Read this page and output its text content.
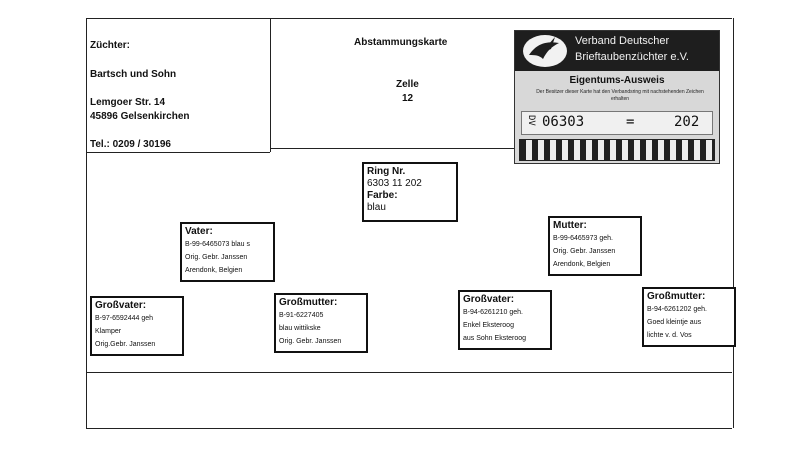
Züchter:
Bartsch und Sohn
Lemgoer Str. 14
45896 Gelsenkirchen
Tel.: 0209 / 30196
Abstammungskarte
Zelle
12
Verband Deutscher
Brieftaubenzüchter e.V.
Eigentums-Ausweis
Der Besitzer dieser Karte hat den Verbandsring mit nachstehenden Zeichen erhalten
DV 06303	=	202
Ring Nr.
6303 11 202
Farbe:
blau
Vater:
B-99-6465073 blau s
Orig. Gebr. Janssen
Arendonk, Belgien
Mutter:
B-99-6465973 geh.
Orig. Gebr. Janssen
Arendonk, Belgien
Großvater:
B-97-6592444 geh
Klamper
Orig.Gebr. Janssen
Großmutter:
B-91-6227405
blau wittikske
Orig. Gebr. Janssen
Großvater:
B-94-6261210 geh.
Enkel Eksteroog
aus Sohn Eksteroog
Großmutter:
B-94-6261202 geh.
Goed kleintje aus
lichte v. d. Vos
